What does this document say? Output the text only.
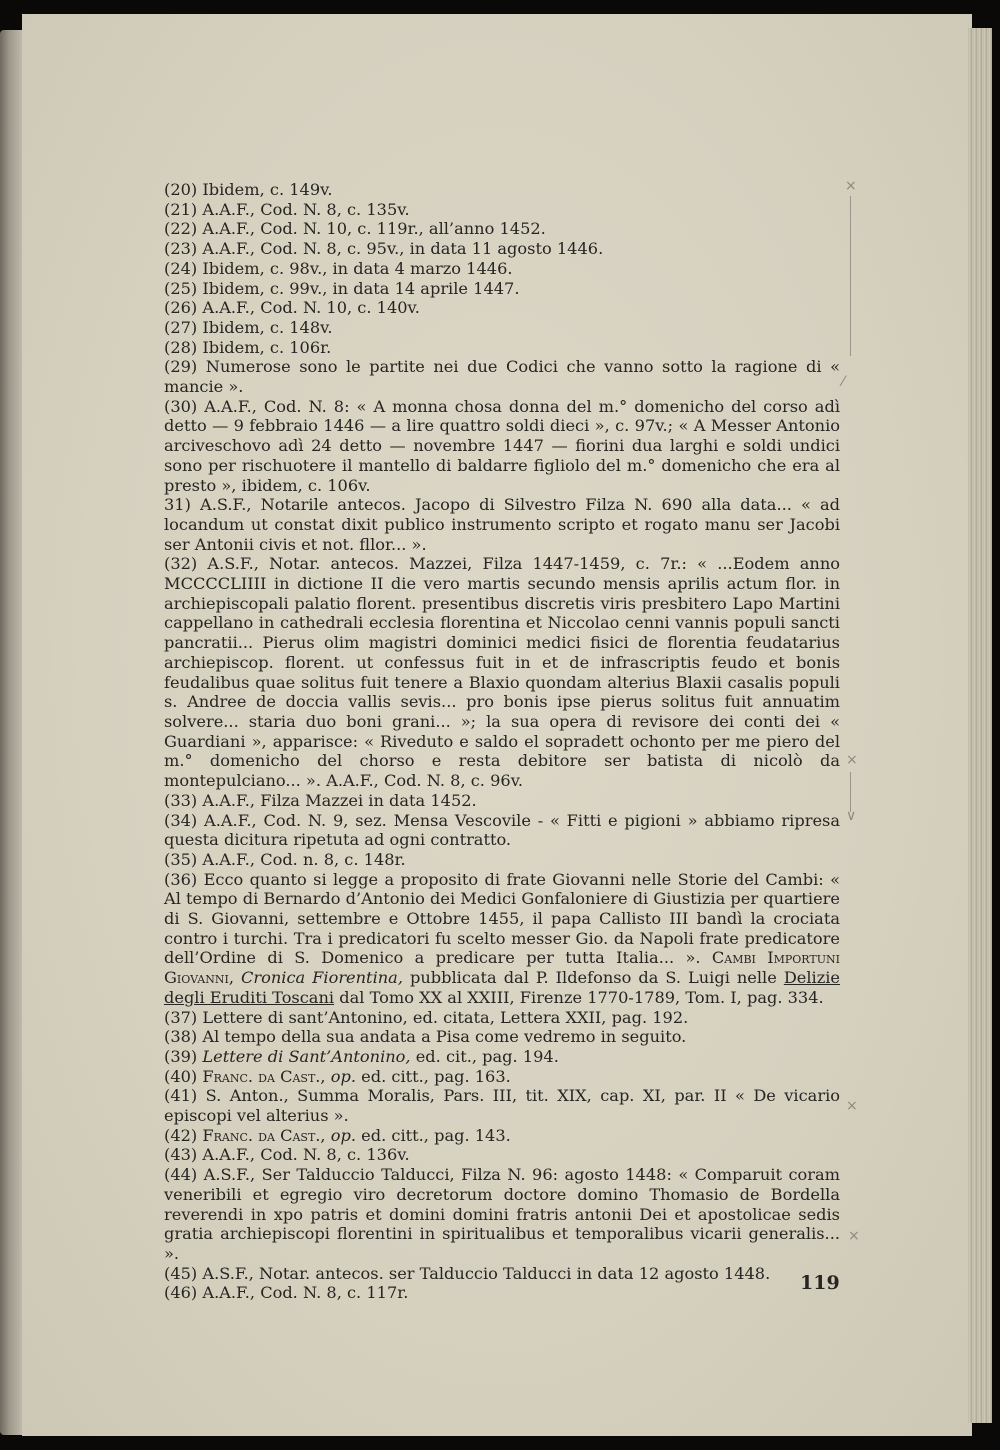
(20) Ibidem, c. 149v.

(21) A.A.F., Cod. N. 8, c. 135v.

(22) A.A.F., Cod. N. 10, c. 119r., all’anno 1452.

(23) A.A.F., Cod. N. 8, c. 95v., in data 11 agosto 1446.

(24) Ibidem, c. 98v., in data 4 marzo 1446.

(25) Ibidem, c. 99v., in data 14 aprile 1447.

(26) A.A.F., Cod. N. 10, c. 140v.

(27) Ibidem, c. 148v.

(28) Ibidem, c. 106r.

(29) Numerose sono le partite nei due Codici che vanno sotto la ragione di « mancie ».

(30) A.A.F., Cod. N. 8: « A monna chosa donna del m.° domenicho del corso adì detto — 9 febbraio 1446 — a lire quattro soldi dieci », c. 97v.; « A Messer Antonio arciveschovo adì 24 detto — novembre 1447 — fiorini dua larghi e soldi undici sono per rischuotere il mantello di baldarre figliolo del m.° domenicho che era al presto », ibidem, c. 106v.

31) A.S.F., Notarile antecos. Jacopo di Silvestro Filza N. 690 alla data... « ad locandum ut constat dixit publico instrumento scripto et rogato manu ser Jacobi ser Antonii civis et not. fllor... ».

(32) A.S.F., Notar. antecos. Mazzei, Filza 1447-1459, c. 7r.: « ...Eodem anno MCCCCLIIII in dictione II die vero martis secundo mensis aprilis actum flor. in archiepiscopali palatio florent. presentibus discretis viris presbitero Lapo Martini cappellano in cathedrali ecclesia florentina et Niccolao cenni vannis populi sancti pancratii... Pierus olim magistri dominici medici fisici de florentia feudatarius archiepiscop. florent. ut confessus fuit in et de infrascriptis feudo et bonis feudalibus quae solitus fuit tenere a Blaxio quondam alterius Blaxii casalis populi s. Andree de doccia vallis sevis... pro bonis ipse pierus solitus fuit annuatim solvere... staria duo boni grani... »; la sua opera di revisore dei conti dei « Guardiani », apparisce: « Riveduto e saldo el sopradett ochonto per me piero del m.° domenicho del chorso e resta debitore ser batista di nicolò da montepulciano... ». A.A.F., Cod. N. 8, c. 96v.

(33) A.A.F., Filza Mazzei in data 1452.

(34) A.A.F., Cod. N. 9, sez. Mensa Vescovile - « Fitti e pigioni » abbiamo ripresa questa dicitura ripetuta ad ogni contratto.

(35) A.A.F., Cod. n. 8, c. 148r.

(36) Ecco quanto si legge a proposito di frate Giovanni nelle Storie del Cambi: « Al tempo di Bernardo d’Antonio dei Medici Gonfaloniere di Giustizia per quartiere di S. Giovanni, settembre e Ottobre 1455, il papa Callisto III bandì la crociata contro i turchi. Tra i predicatori fu scelto messer Gio. da Napoli frate predicatore dell’Ordine di S. Domenico a predicare per tutta Italia... ». Cambi Importuni Giovanni, Cronica Fiorentina, pubblicata dal P. Ildefonso da S. Luigi nelle Delizie degli Eruditi Toscani dal Tomo XX al XXIII, Firenze 1770-1789, Tom. I, pag. 334.

(37) Lettere di sant’Antonino, ed. citata, Lettera XXII, pag. 192.

(38) Al tempo della sua andata a Pisa come vedremo in seguito.

(39) Lettere di Sant’Antonino, ed. cit., pag. 194.

(40) Franc. da Cast., op. ed. citt., pag. 163.

(41) S. Anton., Summa Moralis, Pars. III, tit. XIX, cap. XI, par. II « De vicario episcopi vel alterius ».

(42) Franc. da Cast., op. ed. citt., pag. 143.

(43) A.A.F., Cod. N. 8, c. 136v.

(44) A.S.F., Ser Talduccio Talducci, Filza N. 96: agosto 1448: « Comparuit coram veneribili et egregio viro decretorum doctore domino Thomasio de Bordella reverendi in xpo patris et domini domini fratris antonii Dei et apostolicae sedis gratia archiepiscopi florentini in spiritualibus et temporalibus vicarii generalis... ».

(45) A.S.F., Notar. antecos. ser Talduccio Talducci in data 12 agosto 1448.

(46) A.A.F., Cod. N. 8, c. 117r.	119
×
⁄
×
∨
×
×
